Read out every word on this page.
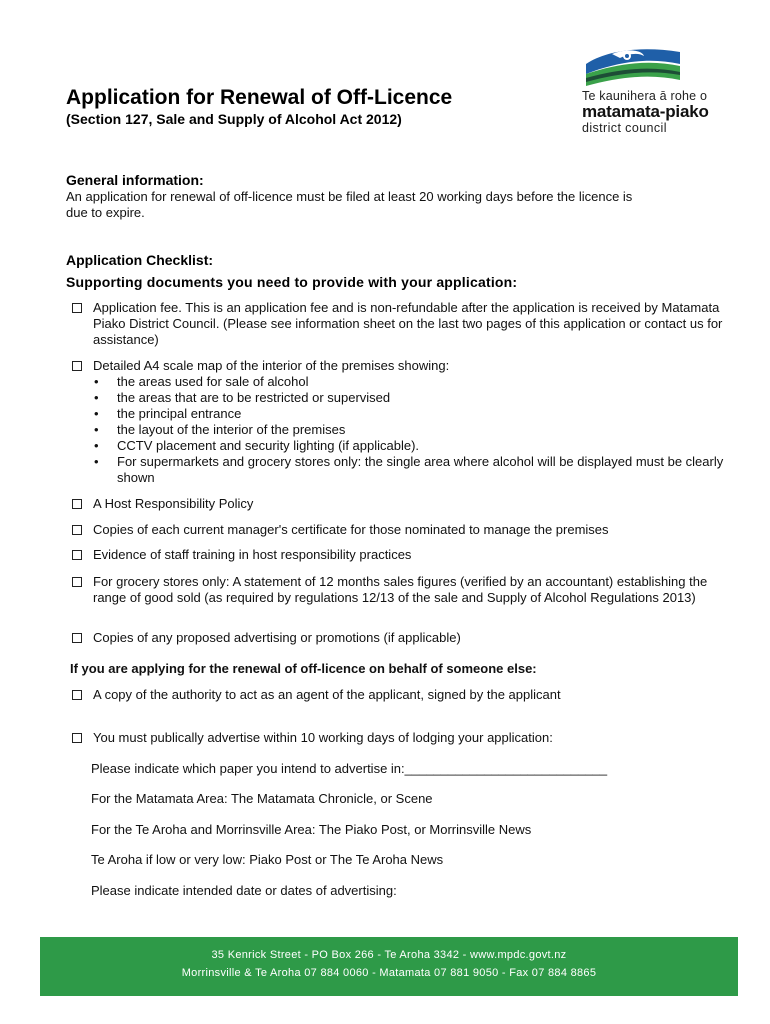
Te kaunihera ā rohe o
matamata-piako
district council
Application for Renewal of Off-Licence
(Section 127, Sale and Supply of Alcohol Act 2012)
General information:
An application for renewal of off-licence must be filed at least 20 working days before the licence is due to expire.
Application Checklist:
Supporting documents you need to provide with your application:
Application fee. This is an application fee and is non-refundable after the application is received by Matamata Piako District Council. (Please see information sheet on the last two pages of this application or contact us for assistance)
Detailed A4 scale map of the interior of the premises showing:
• the areas used for sale of alcohol
• the areas that are to be restricted or supervised
• the principal entrance
• the layout of the interior of the premises
• CCTV placement and security lighting (if applicable).
• For supermarkets and grocery stores only: the single area where alcohol will be displayed must be clearly shown
A Host Responsibility Policy
Copies of each current manager's certificate for those nominated to manage the premises
Evidence of staff training in host responsibility practices
For grocery stores only: A statement of 12 months sales figures (verified by an accountant) establishing the range of good sold (as required by regulations 12/13 of the sale and Supply of Alcohol Regulations 2013)
Copies of any proposed advertising or promotions (if applicable)
If you are applying for the renewal of off-licence on behalf of someone else:
A copy of the authority to act as an agent of the applicant, signed by the applicant
You must publically advertise within 10 working days of lodging your application:
Please indicate which paper you intend to advertise in:____________________________
For the Matamata Area: The Matamata Chronicle, or Scene
For the Te Aroha and Morrinsville Area: The Piako Post, or Morrinsville News
Te Aroha if low or very low: Piako Post or The Te Aroha News
Please indicate intended date or dates of advertising:
35 Kenrick Street - PO Box 266 - Te Aroha 3342 - www.mpdc.govt.nz
Morrinsville & Te Aroha 07 884 0060 - Matamata 07 881 9050 - Fax 07 884 8865
